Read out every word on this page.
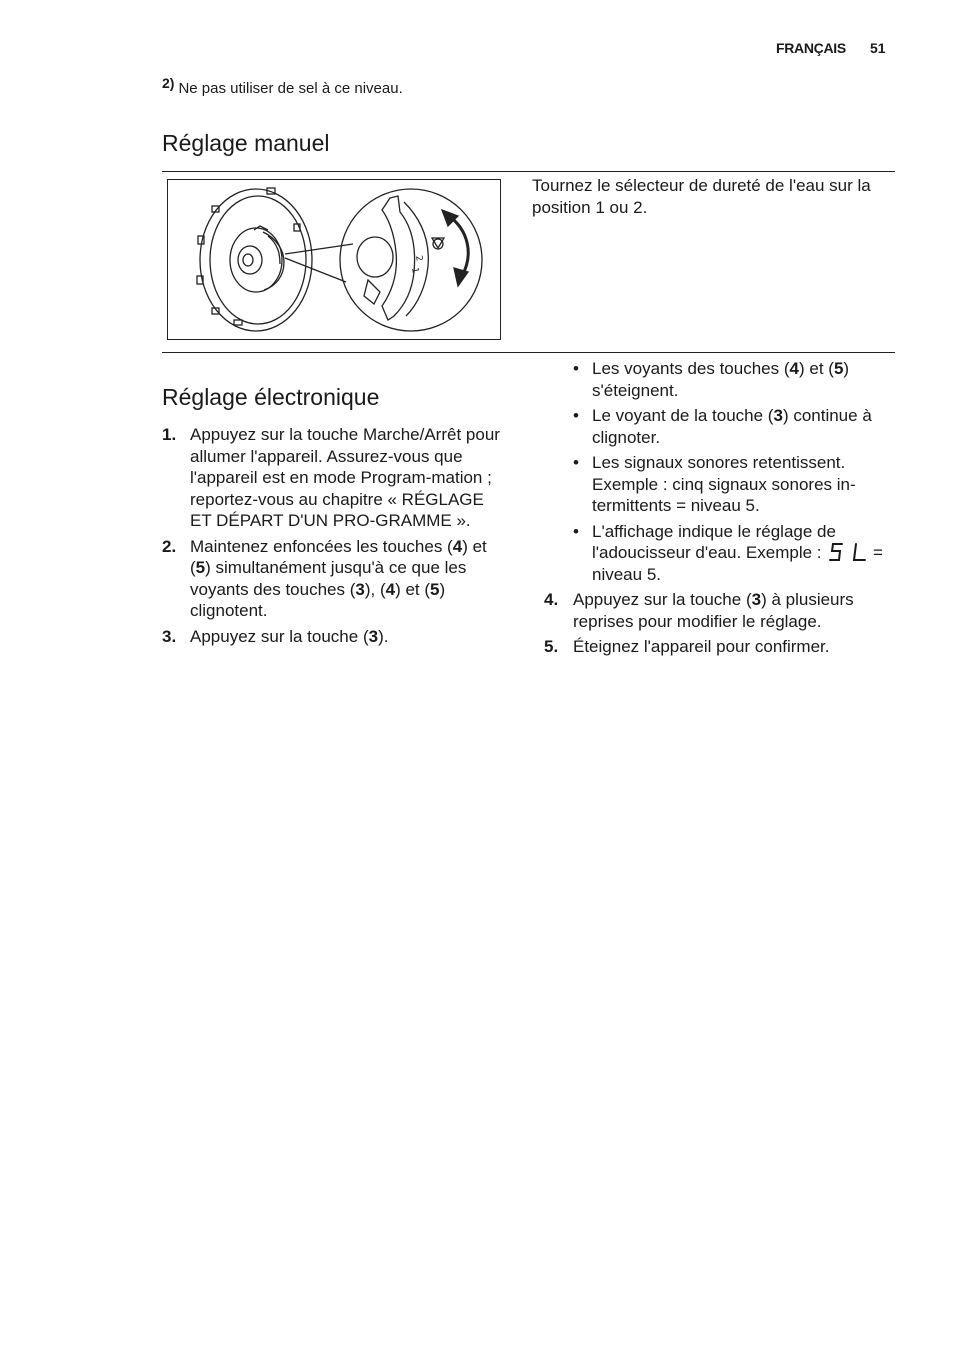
FRANÇAIS 51
2) Ne pas utiliser de sel à ce niveau.
Réglage manuel
2
1
Tournez le sélecteur de dureté de l'eau sur la position 1 ou 2.
Réglage électronique
1. Appuyez sur la touche Marche/Arrêt pour allumer l'appareil. Assurez-vous que l'appareil est en mode Program-mation ; reportez-vous au chapitre « RÉGLAGE ET DÉPART D'UN PRO-GRAMME ».
2. Maintenez enfoncées les touches (4) et (5) simultanément jusqu'à ce que les voyants des touches (3), (4) et (5) clignotent.
3. Appuyez sur la touche (3).
• Les voyants des touches (4) et (5) s'éteignent.
• Le voyant de la touche (3) continue à clignoter.
• Les signaux sonores retentissent. Exemple : cinq signaux sonores in-termittents = niveau 5.
• L'affichage indique le réglage de l'adoucisseur d'eau. Exemple :	= niveau 5.
4. Appuyez sur la touche (3) à plusieurs reprises pour modifier le réglage.
5. Éteignez l'appareil pour confirmer.
